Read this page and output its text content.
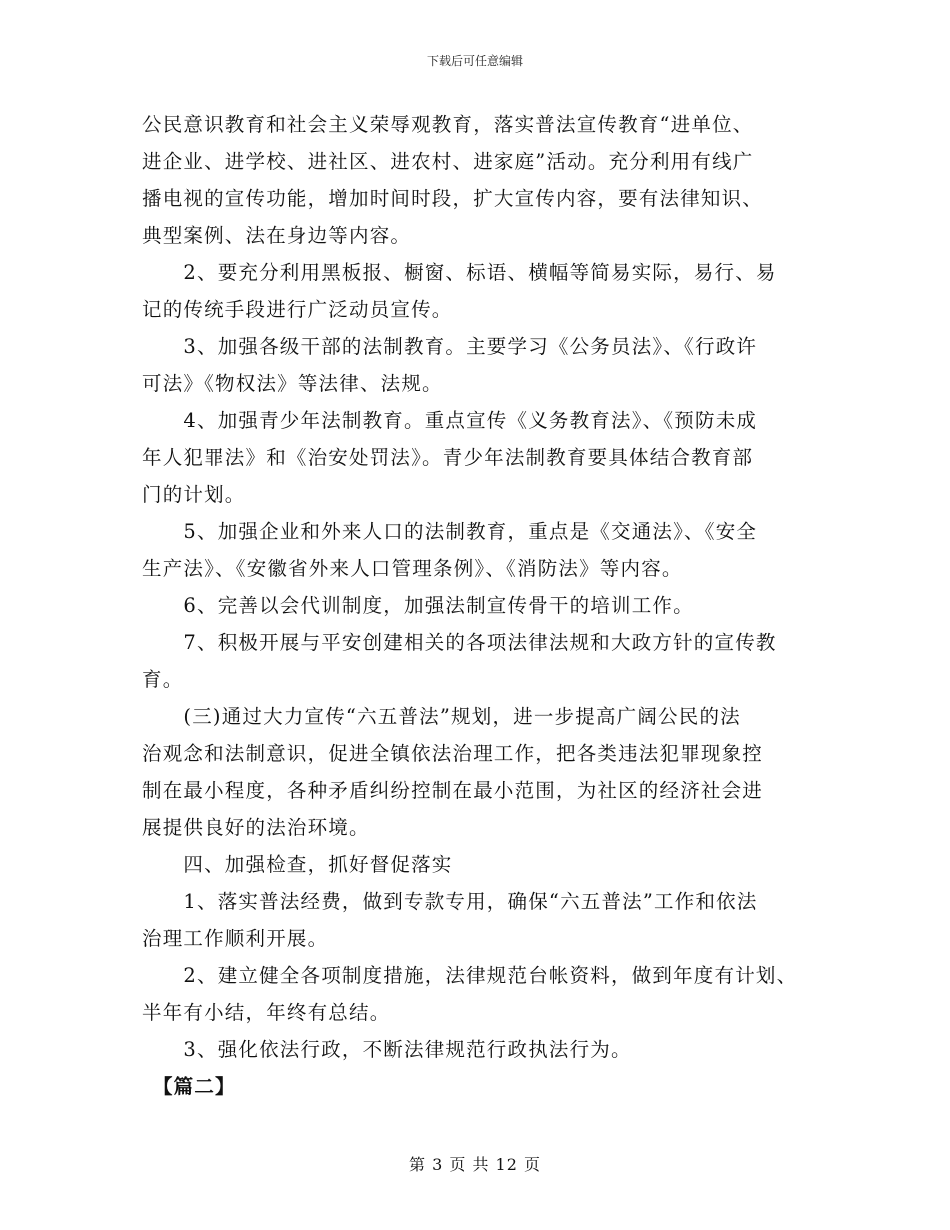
下载后可任意编辑
公民意识教育和社会主义荣辱观教育，落实普法宣传教育“进单位、
进企业、进学校、进社区、进农村、进家庭”活动。充分利用有线广
播电视的宣传功能，增加时间时段，扩大宣传内容，要有法律知识、
典型案例、法在身边等内容。
　　2、要充分利用黑板报、橱窗、标语、横幅等简易实际，易行、易
记的传统手段进行广泛动员宣传。
　　3、加强各级干部的法制教育。主要学习《公务员法》、《行政许
可法》《物权法》等法律、法规。
　　4、加强青少年法制教育。重点宣传《义务教育法》、《预防未成
年人犯罪法》和《治安处罚法》。青少年法制教育要具体结合教育部
门的计划。
　　5、加强企业和外来人口的法制教育，重点是《交通法》、《安全
生产法》、《安徽省外来人口管理条例》、《消防法》等内容。
　　6、完善以会代训制度，加强法制宣传骨干的培训工作。
　　7、积极开展与平安创建相关的各项法律法规和大政方针的宣传教
育。
　　(三)通过大力宣传“六五普法”规划，进一步提高广阔公民的法
治观念和法制意识，促进全镇依法治理工作，把各类违法犯罪现象控
制在最小程度，各种矛盾纠纷控制在最小范围，为社区的经济社会进
展提供良好的法治环境。
　　四、加强检查，抓好督促落实
　　1、落实普法经费，做到专款专用，确保“六五普法”工作和依法
治理工作顺利开展。
　　2、建立健全各项制度措施，法律规范台帐资料，做到年度有计划、
半年有小结，年终有总结。
　　3、强化依法行政，不断法律规范行政执法行为。
　【篇二】
第 3 页 共 12 页
